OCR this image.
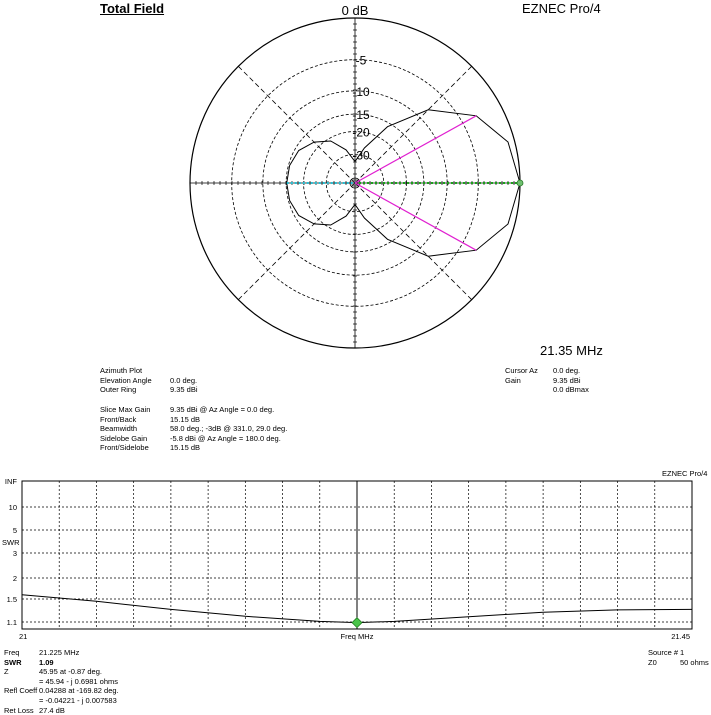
Total Field	EZNEC Pro/4
0 dB
-5
-10
-15
-20
-30
21.35 MHz
Azimuth Plot
Elevation Angle 0.0 deg.
Outer Ring	9.35 dBi
Slice Max Gain	9.35 dBi @ Az Angle = 0.0 deg.
Front/Back	15.15 dB
Beamwidth	58.0 deg.; -3dB @ 331.0, 29.0 deg.
Sidelobe Gain	-5.8 dBi @ Az Angle = 180.0 deg.
Front/Sidelobe	15.15 dB
Cursor Az 0.0 deg.
Gain	9.35 dBi
0.0 dBmax
EZNEC Pro/4
INF
10
5
3
2
1.5
1.1
SWR
21	21.45
Freq MHz
Freq	21.225 MHz
SWR 1.09
Z	45.95 at -0.87 deg.
= 45.94 - j 0.6981 ohms
Refl Coeff 0.04288 at -169.82 deg.
= -0.04221 - j 0.007583
Ret Loss 27.4 dB
Source # 1
Z0	50 ohms
